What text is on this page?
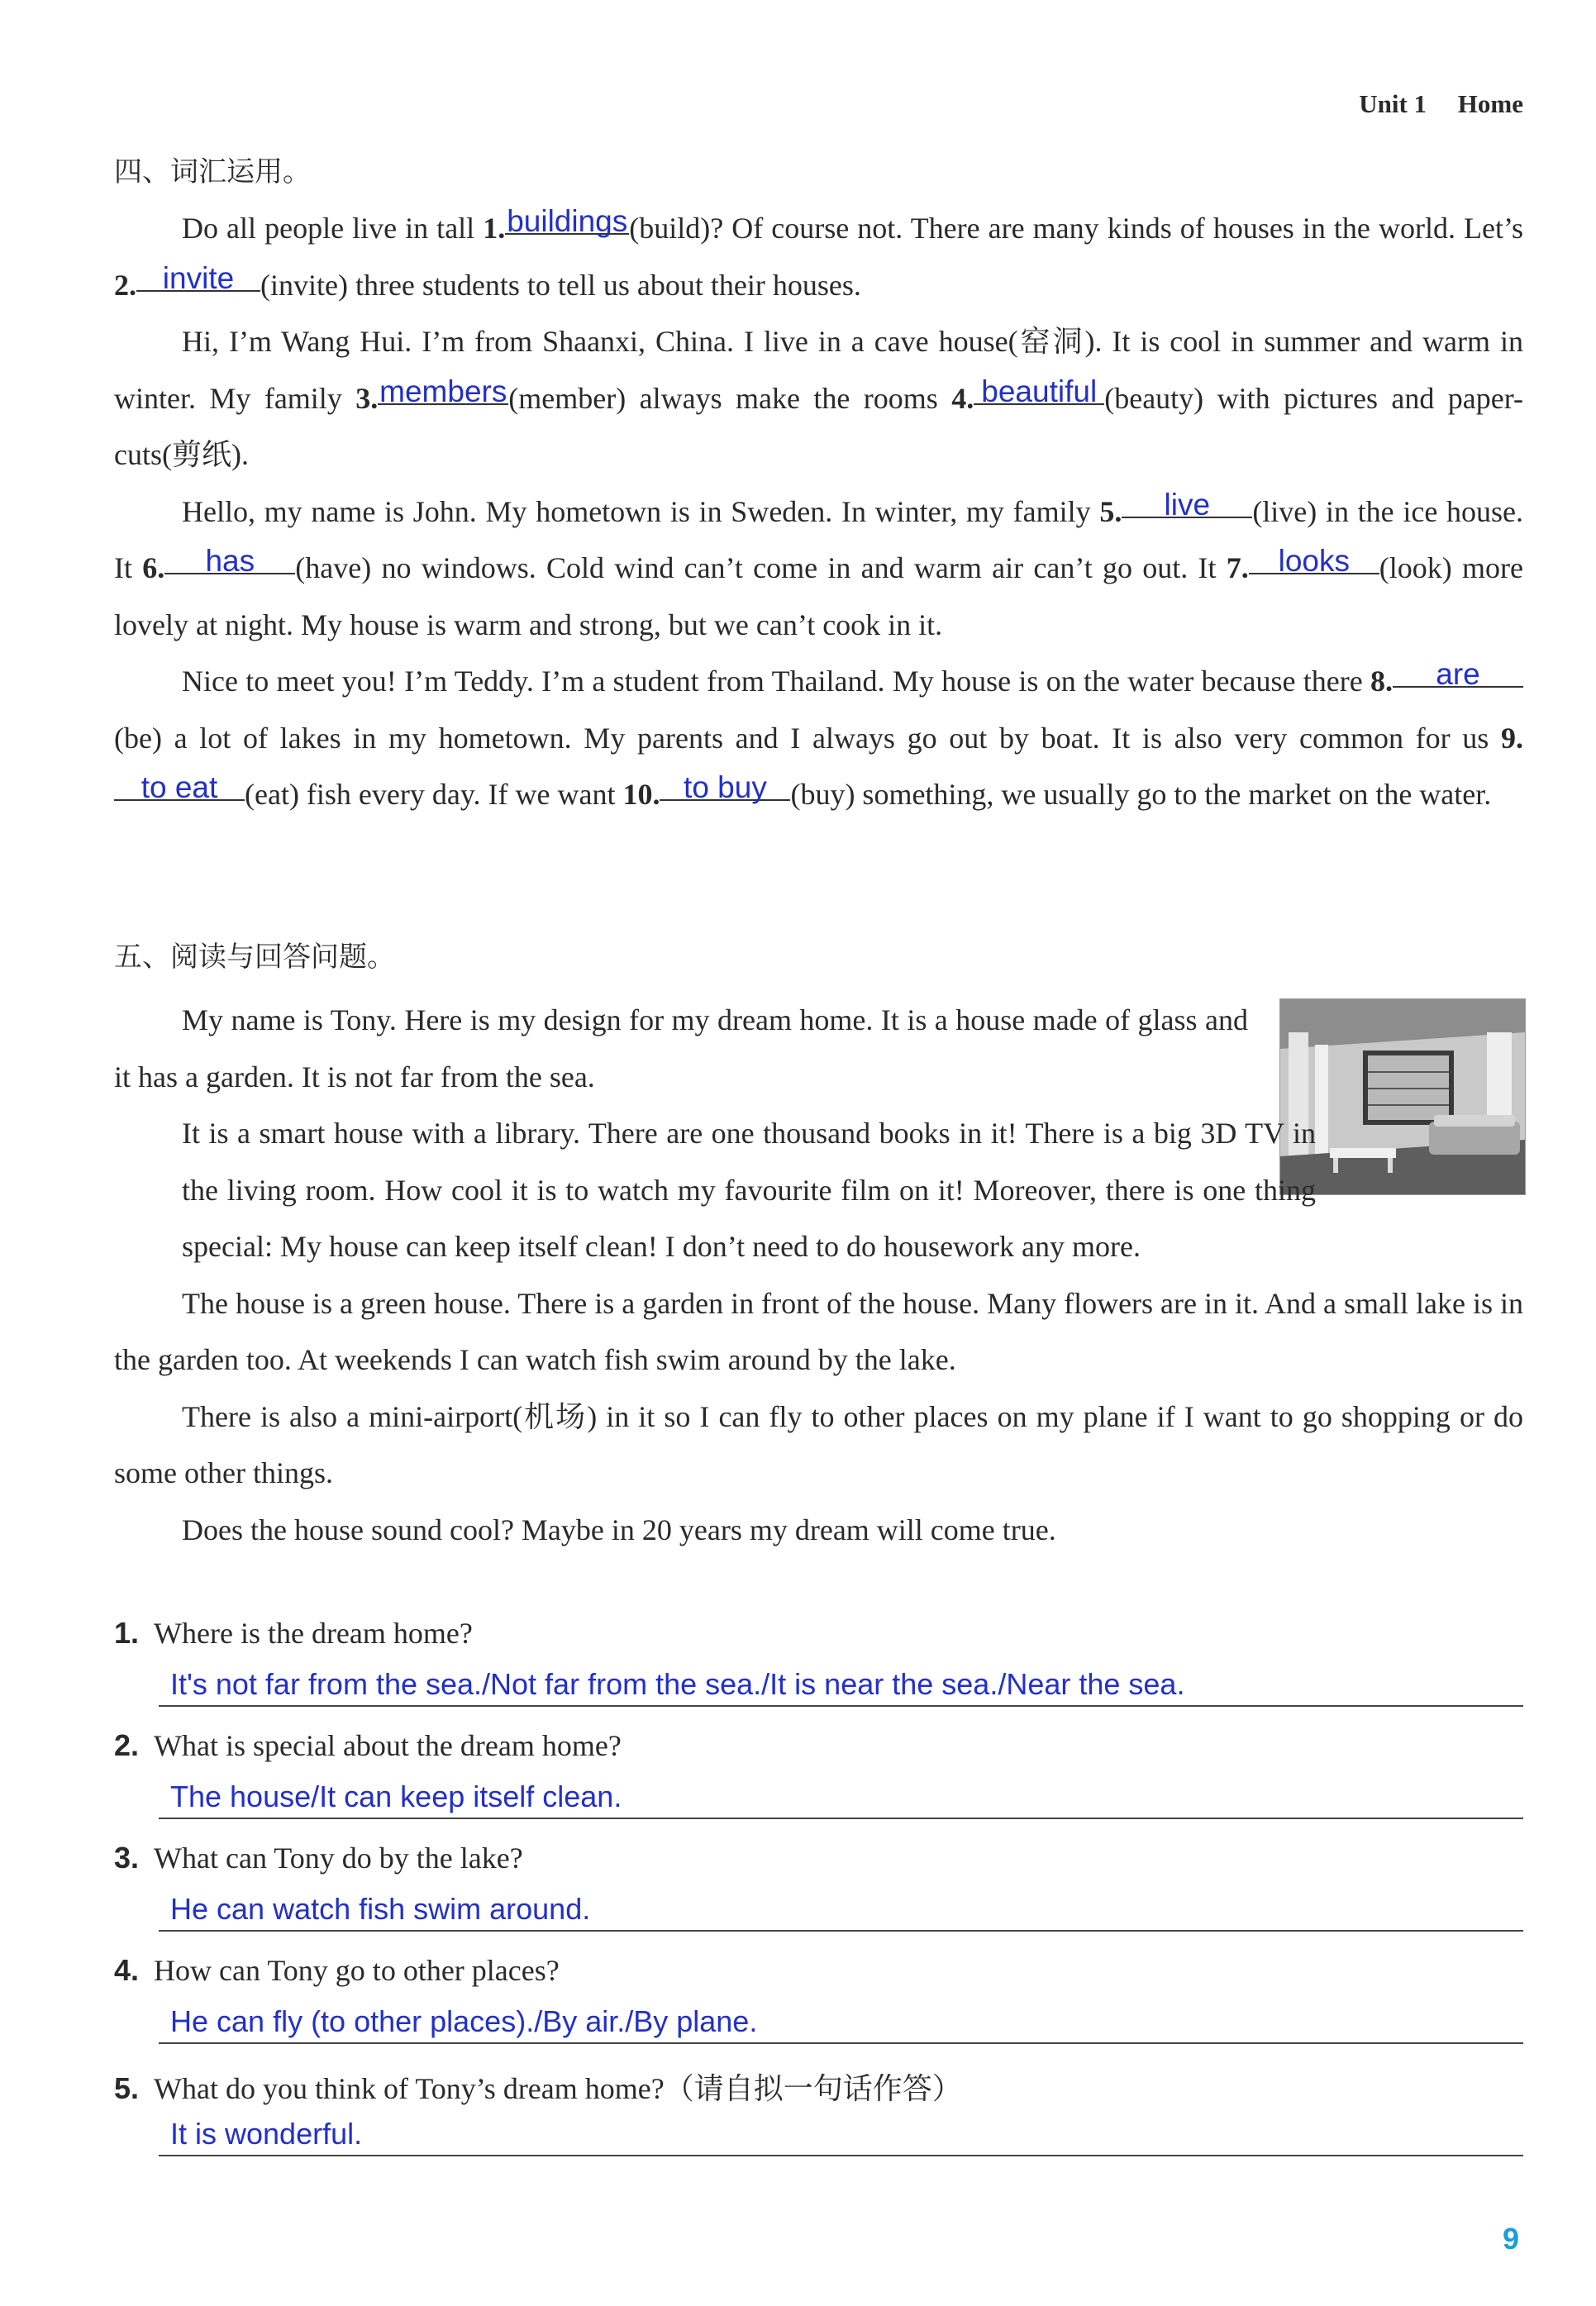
Unit 1 Home
四、词汇运用。

Do all people live in tall 1.buildings(build)? Of course not. There are many kinds of houses in the world. Let’s 2. invite (invite) three students to tell us about their houses.

Hi, I’m Wang Hui. I’m from Shaanxi, China. I live in a cave house(窑洞). It is cool in summer and warm in winter. My family 3.members(member) always make the rooms 4. beautiful (beauty) with pictures and paper-cuts(剪纸).

Hello, my name is John. My hometown is in Sweden. In winter, my family 5. live (live) in the ice house. It 6. has (have) no windows. Cold wind can’t come in and warm air can’t go out. It 7. looks (look) more lovely at night. My house is warm and strong, but we can’t cook in it.

Nice to meet you! I’m Teddy. I’m a student from Thailand. My house is on the water because there 8. are(be) a lot of lakes in my hometown. My parents and I always go out by boat. It is also very common for us 9.to eat (eat) fish every day. If we want 10. to buy (buy) something, we usually go to the market on the water.

五、阅读与回答问题。

My name is Tony. Here is my design for my dream home. It is a house made of glass and it has a garden. It is not far from the sea.

It is a smart house with a library. There are one thousand books in it! There is a big 3D TV in the living room. How cool it is to watch my favourite film on it! Moreover, there is one thing special: My house can keep itself clean! I don’t need to do housework any more.

The house is a green house. There is a garden in front of the house. Many flowers are in it. And a small lake is in the garden too. At weekends I can watch fish swim around by the lake.

There is also a mini-airport(机场) in it so I can fly to other places on my plane if I want to go shopping or do some other things.

Does the house sound cool? Maybe in 20 years my dream will come true.

1. Where is the dream home?
It's not far from the sea./Not far from the sea./It is near the sea./Near the sea.
2. What is special about the dream home?
The house/It can keep itself clean.
3. What can Tony do by the lake?
He can watch fish swim around.
4. How can Tony go to other places?
He can fly (to other places)./By air./By plane.
5. What do you think of Tony’s dream home?（请自拟一句话作答）
It is wonderful.
9
